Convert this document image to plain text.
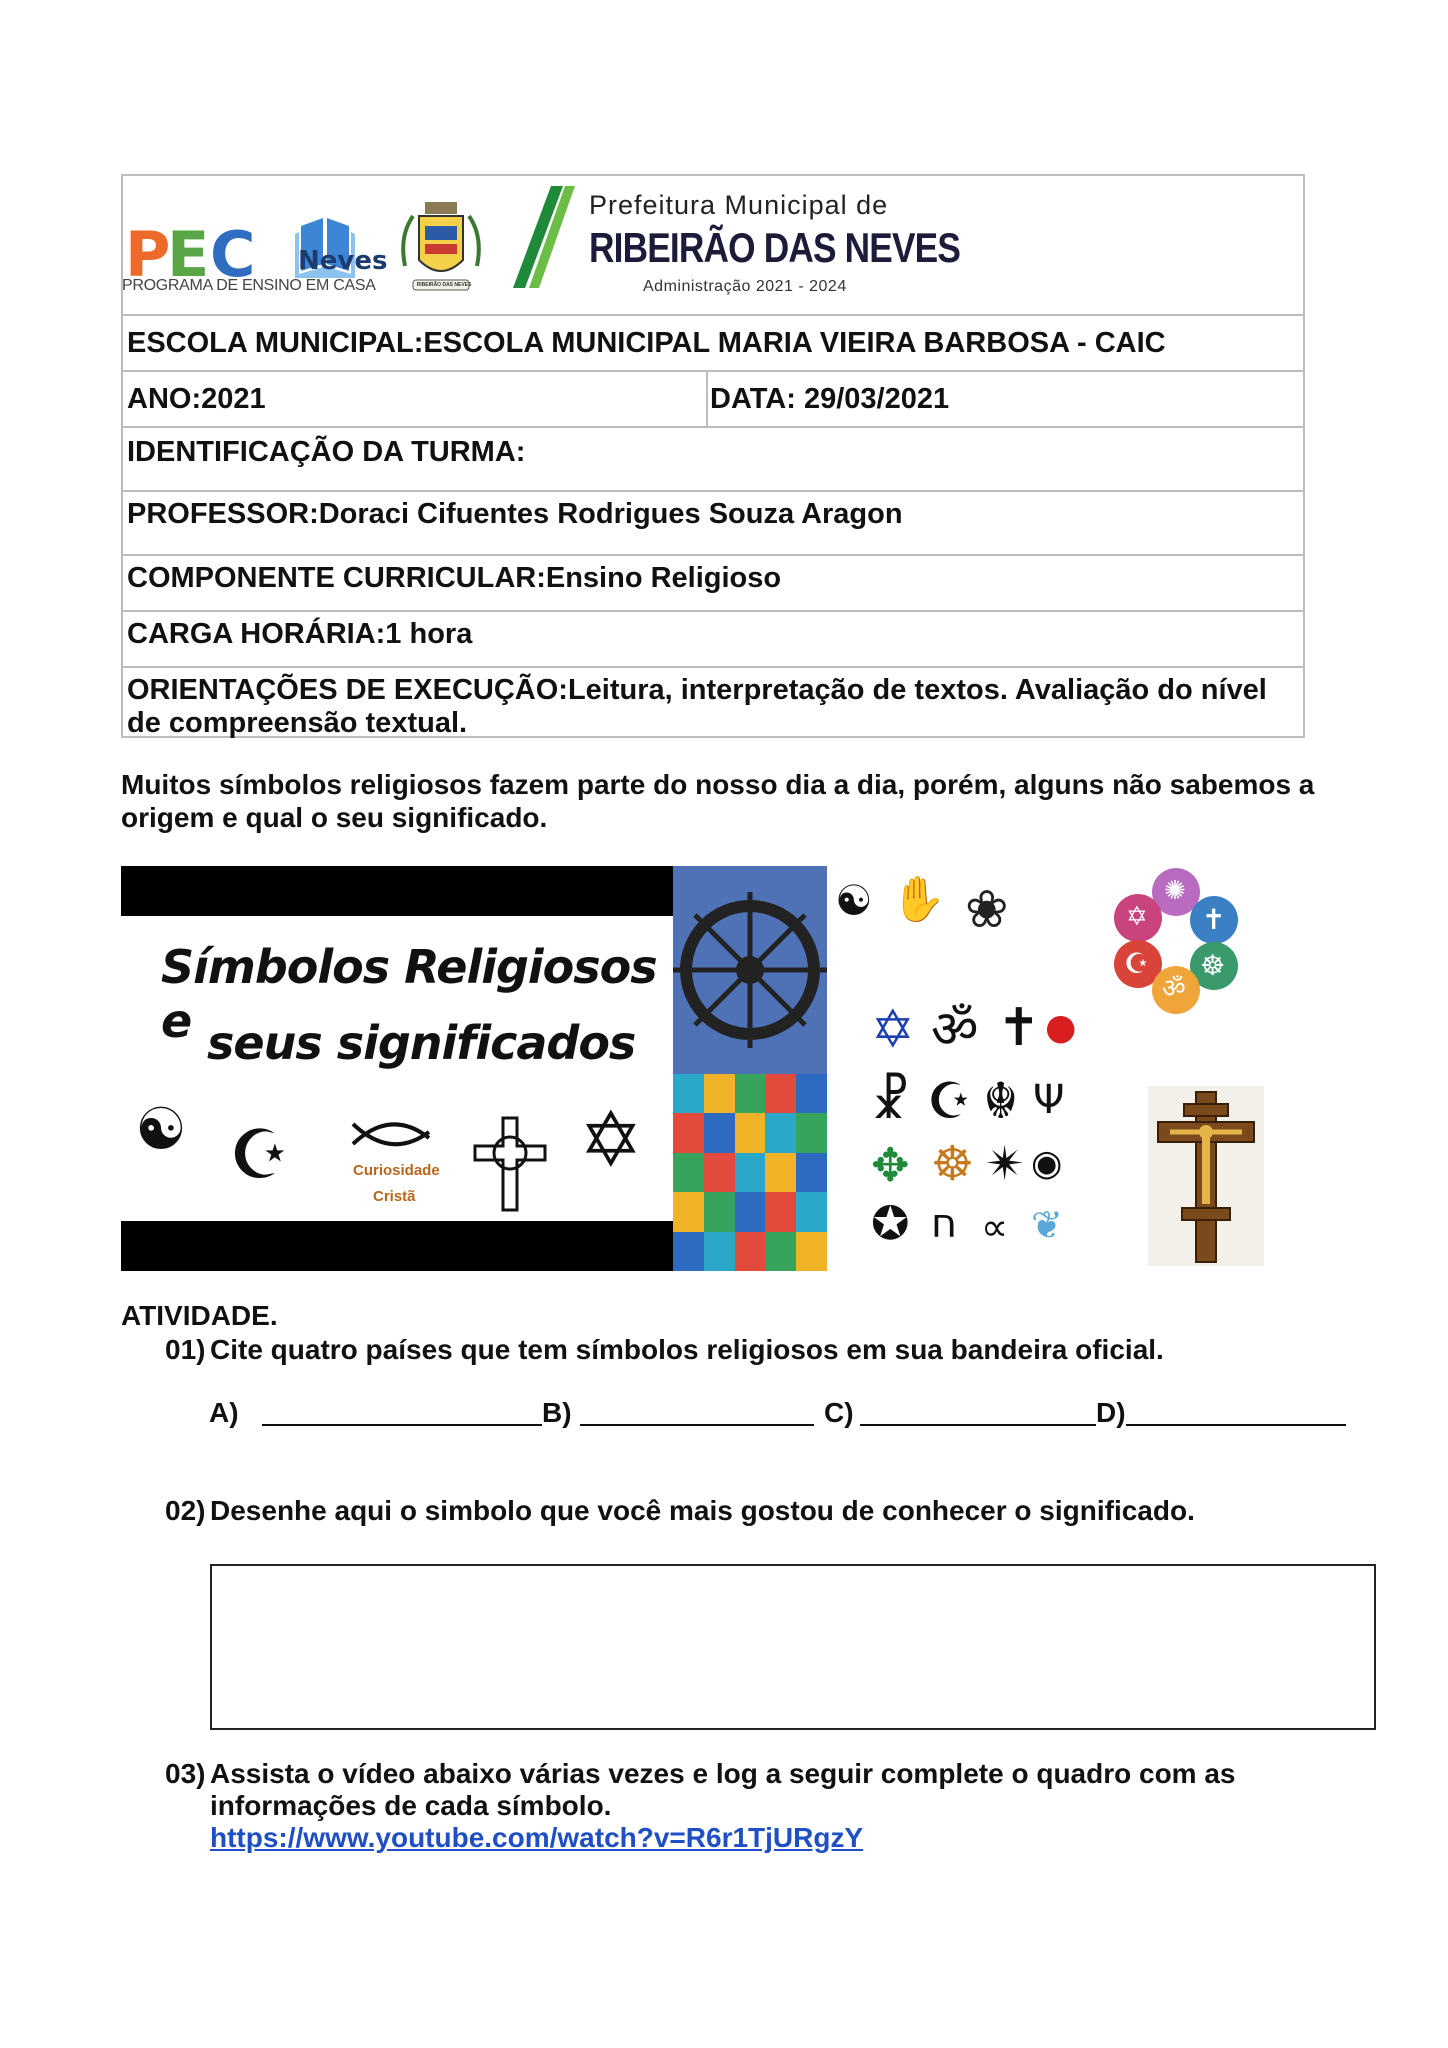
P
E C Neves
PROGRAMA DE ENSINO EM CASA	RIBEIRÃO DAS NEVES
Prefeitura Municipal de
RIBEIRÃO DAS NEVES
Administração 2021 - 2024
ESCOLA MUNICIPAL:ESCOLA MUNICIPAL MARIA VIEIRA BARBOSA - CAIC
ANO:2021	DATA: 29/03/2021
IDENTIFICAÇÃO DA TURMA:
PROFESSOR:Doraci Cifuentes Rodrigues Souza Aragon
COMPONENTE CURRICULAR:Ensino Religioso
CARGA HORÁRIA:1 hora
ORIENTAÇÕES DE EXECUÇÃO:Leitura, interpretação de textos. Avaliação do nível
de compreensão textual.
Muitos símbolos religiosos fazem parte do nosso dia a dia, porém, alguns não sabemos a
origem e qual o seu significado.
Símbolos Religiosos e seus significados
☯ ☪	Curiosidade
Cristã
✡
☯ ✋ ❀
✡ ॐ ✝ ●
☧ ☪ ☬ Ψ
✥ ☸ ✴ ◉
✪ ח ∝ ❦
✡ ✝
☪ ☸
ॐ
✺
ATIVIDADE.
01) Cite quatro países que tem símbolos religiosos em sua bandeira oficial.
A)	B)	C)	D)
02) Desenhe aqui o simbolo que você mais gostou de conhecer o significado.
03) Assista o vídeo abaixo várias vezes e log a seguir complete o quadro com as
informações de cada símbolo.
https://www.youtube.com/watch?v=R6r1TjURgzY
